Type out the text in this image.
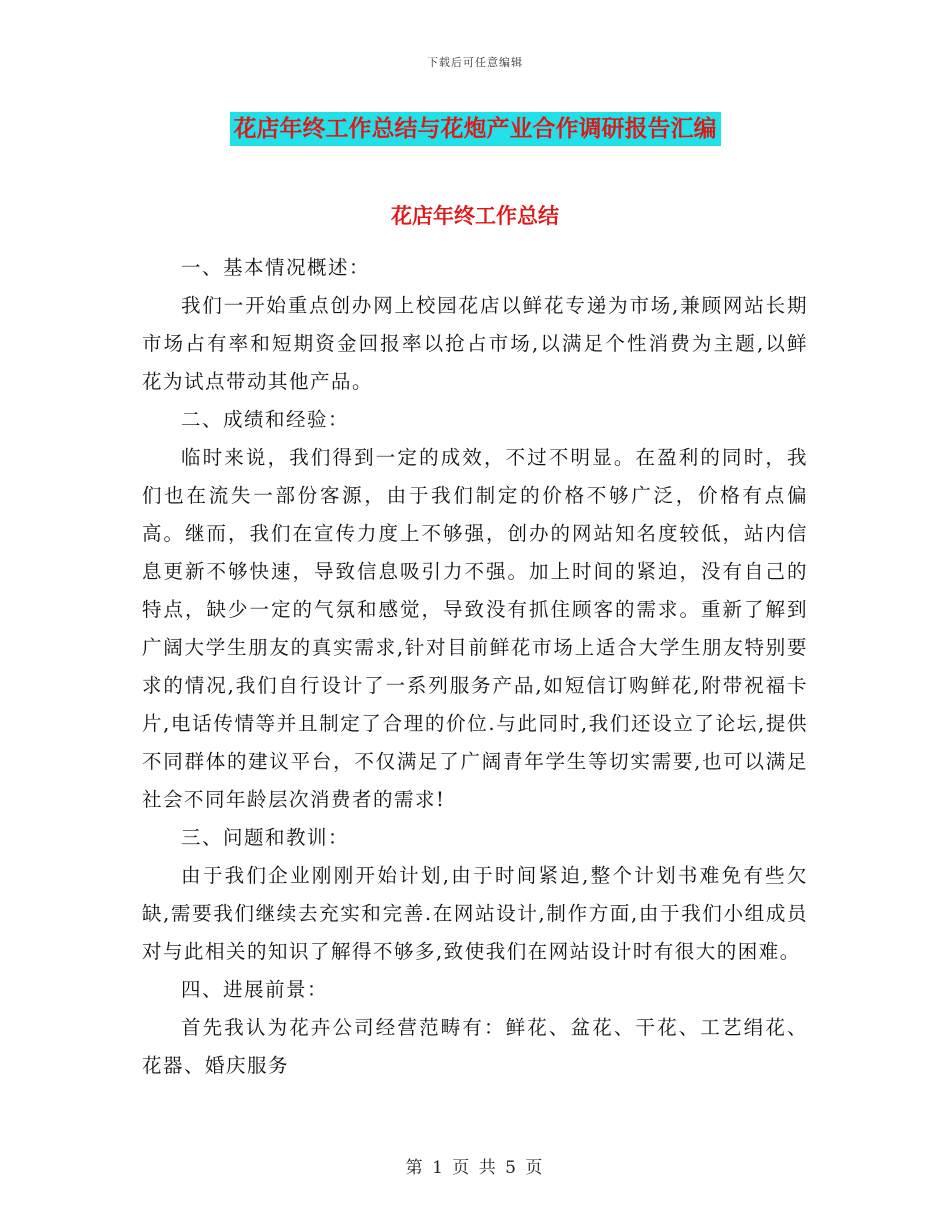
下载后可任意编辑
花店年终工作总结与花炮产业合作调研报告汇编
花店年终工作总结

一、基本情况概述：

我们一开始重点创办网上校园花店以鲜花专递为市场,兼顾网站长期市场占有率和短期资金回报率以抢占市场,以满足个性消费为主题,以鲜花为试点带动其他产品。

二、成绩和经验：

临时来说，我们得到一定的成效，不过不明显。在盈利的同时，我们也在流失一部份客源，由于我们制定的价格不够广泛，价格有点偏高。继而，我们在宣传力度上不够强，创办的网站知名度较低，站内信息更新不够快速，导致信息吸引力不强。加上时间的紧迫，没有自己的特点，缺少一定的气氛和感觉，导致没有抓住顾客的需求。重新了解到广阔大学生朋友的真实需求,针对目前鲜花市场上适合大学生朋友特别要求的情况,我们自行设计了一系列服务产品,如短信订购鲜花,附带祝福卡片,电话传情等并且制定了合理的价位.与此同时,我们还设立了论坛,提供不同群体的建议平台，不仅满足了广阔青年学生等切实需要,也可以满足社会不同年龄层次消费者的需求!

三、问题和教训：

由于我们企业刚刚开始计划,由于时间紧迫,整个计划书难免有些欠缺,需要我们继续去充实和完善.在网站设计,制作方面,由于我们小组成员对与此相关的知识了解得不够多,致使我们在网站设计时有很大的困难。

四、进展前景：

首先我认为花卉公司经营范畴有：鲜花、盆花、干花、工艺绢花、花器、婚庆服务

第 1 页 共 5 页
